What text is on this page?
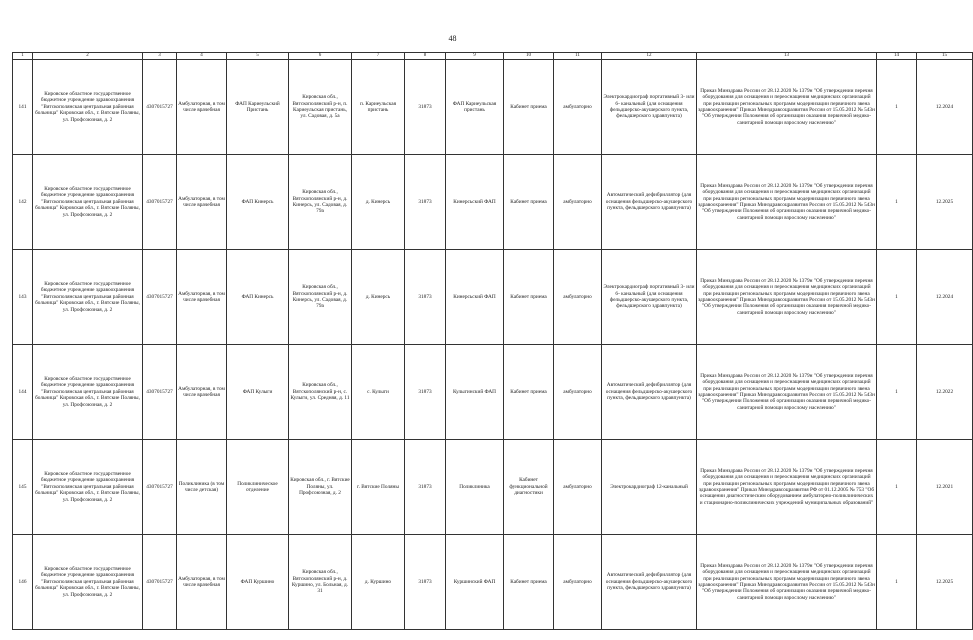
48
1	2	3	4	5	6	7	8	9	10	11	12	13	14	15
141	Кировское областное государственное бюджетное учреждение здравоохранения "Вятскополянская центральная районная больница" Кировская обл., г. Вятские Поляны, ул. Профсоюзная, д. 2	4307015727	Амбулаторная, в том числе врачебная	ФАП Кариеульский Пристань	Кировская обл., Вятскополянский р-н, п. Кариеульская пристань, ул. Садовая, д. 5а	п. Кариеульская пристань	31873	ФАП Кариеульская пристань	Кабинет приема	амбулаторно	Электрокардиограф портативный 3- или 6- канальный (для оснащения фельдшерско-акушерского пункта, фельдшерского здравпункта)	Приказ Минздрава России от 28.12.2020 № 1379н "Об утверждении перечня оборудования для оснащения и переоснащения медицинских организаций при реализации региональных программ модернизации первичного звена здравоохранения" Приказ Минздравсоцразвития России от 15.05.2012 № 543н "Об утверждении Положения об организации оказания первичной медико-санитарной помощи взрослому населению"	1	12.2024
142	Кировское областное государственное бюджетное учреждение здравоохранения "Вятскополянская центральная районная больница" Кировская обл., г. Вятские Поляны, ул. Профсоюзная, д. 2	4307015727	Амбулаторная, в том числе врачебная	ФАП Кинерсь	Кировская обл., Вятскополянский р-н, д. Кинерсь, ул. Садовая, д. 79а	д. Кинерсь	31873	Кинерсьский ФАП	Кабинет приема	амбулаторно	Автоматический дефибриллятор (для оснащения фельдшерско-акушерского пункта, фельдшерского здравпункта)	Приказ Минздрава России от 28.12.2020 № 1379н "Об утверждении перечня оборудования для оснащения и переоснащения медицинских организаций при реализации региональных программ модернизации первичного звена здравоохранения" Приказ Минздравсоцразвития России от 15.05.2012 № 543н "Об утверждении Положения об организации оказания первичной медико-санитарной помощи взрослому населению"	1	12.2025
143	Кировское областное государственное бюджетное учреждение здравоохранения "Вятскополянская центральная районная больница" Кировская обл., г. Вятские Поляны, ул. Профсоюзная, д. 2	4307015727	Амбулаторная, в том числе врачебная	ФАП Кинерсь	Кировская обл., Вятскополянский р-н, д. Кинерсь, ул. Садовая, д. 79а	д. Кинерсь	31873	Кинерсьский ФАП	Кабинет приема	амбулаторно	Электрокардиограф портативный 3- или 6- канальный (для оснащения фельдшерско-акушерского пункта, фельдшерского здравпункта)	Приказ Минздрава России от 28.12.2020 № 1379н "Об утверждении перечня оборудования для оснащения и переоснащения медицинских организаций при реализации региональных программ модернизации первичного звена здравоохранения" Приказ Минздравсоцразвития России от 15.05.2012 № 543н "Об утверждении Положения об организации оказания первичной медико-санитарной помощи взрослому населению"	1	12.2024
144	Кировское областное государственное бюджетное учреждение здравоохранения "Вятскополянская центральная районная больница" Кировская обл., г. Вятские Поляны, ул. Профсоюзная, д. 2	4307015727	Амбулаторная, в том числе врачебная	ФАП Кулыги	Кировская обл., Вятскополянский р-н, с. Кулыги, ул. Средняя, д. 11	с. Кулыги	31873	Кулыгинский ФАП	Кабинет приема	амбулаторно	Автоматический дефибриллятор (для оснащения фельдшерско-акушерского пункта, фельдшерского здравпункта)	Приказ Минздрава России от 28.12.2020 № 1379н "Об утверждении перечня оборудования для оснащения и переоснащения медицинских организаций при реализации региональных программ модернизации первичного звена здравоохранения" Приказ Минздравсоцразвития России от 15.05.2012 № 543н "Об утверждении Положения об организации оказания первичной медико-санитарной помощи взрослому населению"	1	12.2022
145	Кировское областное государственное бюджетное учреждение здравоохранения "Вятскополянская центральная районная больница" Кировская обл., г. Вятские Поляны, ул. Профсоюзная, д. 2	4307015727	Поликлиника (в том числе детская)	Поликлиническое отделение	Кировская обл., г. Вятские Поляны, ул. Профсоюзная, д. 2	г. Вятские Поляны	31873	Поликлиника	Кабинет функциональной диагностики	амбулаторно	Электрокардиограф 12-канальный	Приказ Минздрава России от 28.12.2020 № 1379н "Об утверждении перечня оборудования для оснащения и переоснащения медицинских организаций при реализации региональных программ модернизации первичного звена здравоохранения" Приказ Минздравсоцразвития РФ от 01.12.2005 № 753 "Об оснащении диагностическим оборудованием амбулаторно-поликлинических и стационарно-поликлинических учреждений муниципальных образований"	1	12.2021
146	Кировское областное государственное бюджетное учреждение здравоохранения "Вятскополянская центральная районная больница" Кировская обл., г. Вятские Поляны, ул. Профсоюзная, д. 2	4307015727	Амбулаторная, в том числе врачебная	ФАП Куршино	Кировская обл., Вятскополянский р-н, д. Куршино, ул. Больная, д. 31	д. Куршино	31873	Куршинский ФАП	Кабинет приема	амбулаторно	Автоматический дефибриллятор (для оснащения фельдшерско-акушерского пункта, фельдшерского здравпункта)	Приказ Минздрава России от 28.12.2020 № 1379н "Об утверждении перечня оборудования для оснащения и переоснащения медицинских организаций при реализации региональных программ модернизации первичного звена здравоохранения" Приказ Минздравсоцразвития России от 15.05.2012 № 543н "Об утверждении Положения об организации оказания первичной медико-санитарной помощи взрослому населению"	1	12.2025
